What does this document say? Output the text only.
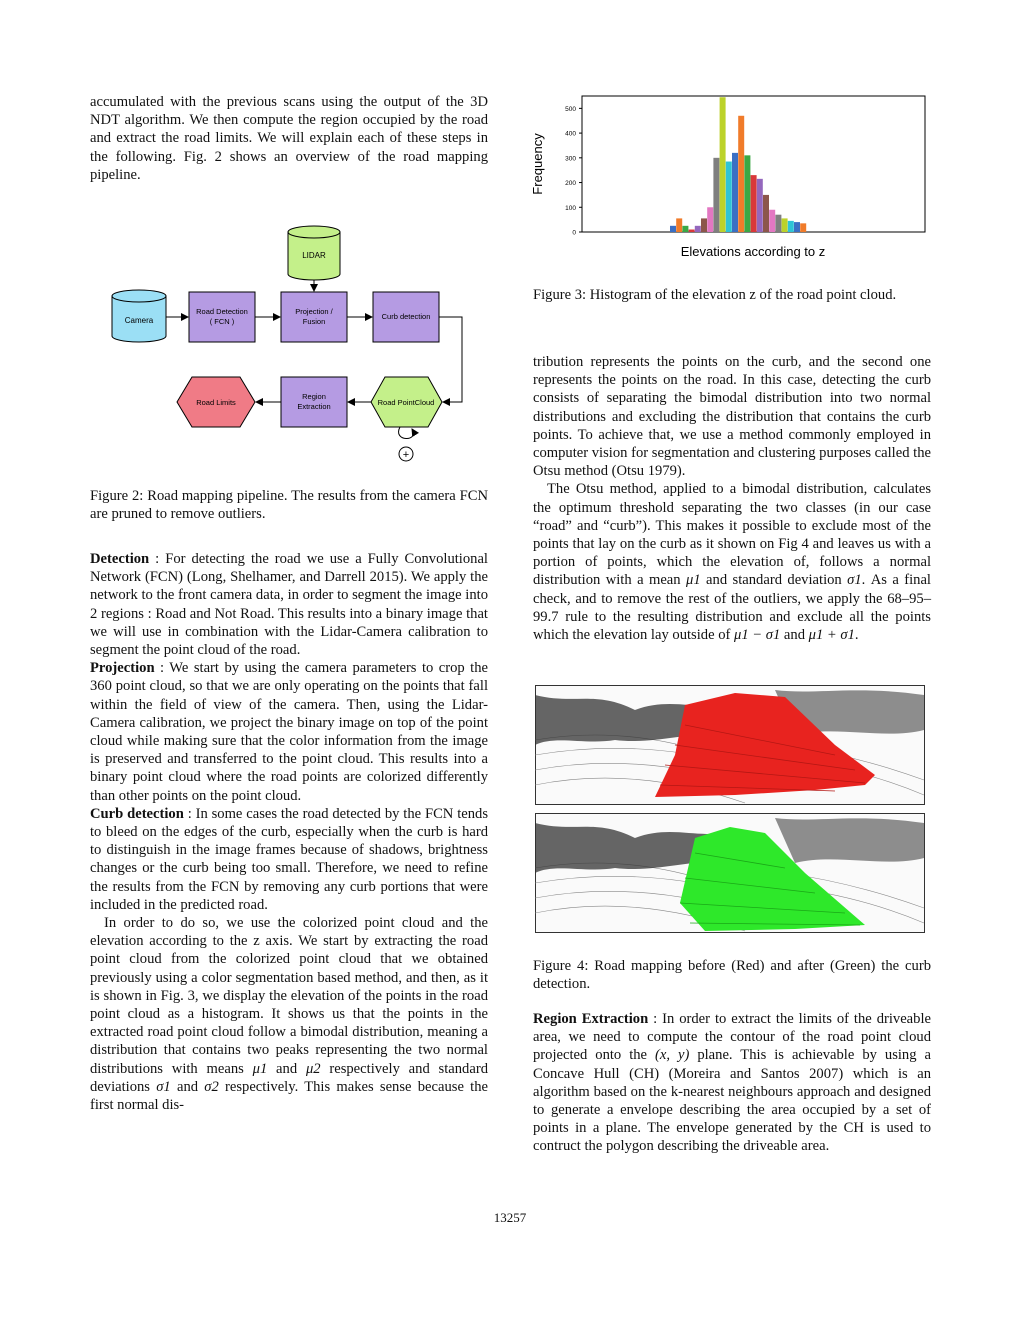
accumulated with the previous scans using the output of the 3D NDT algorithm. We then compute the region occupied by the road and extract the road limits. We will explain each of these steps in the following. Fig. 2 shows an overview of the road mapping pipeline.

LIDAR
Camera
Road Detection
( FCN )
Projection /
Fusion
Curb detection
Road Limits
Region
Extraction	Road PointCloud
+
Figure 2: Road mapping pipeline. The results from the camera FCN are pruned to remove outliers.

Detection : For detecting the road we use a Fully Convolutional Network (FCN) (Long, Shelhamer, and Darrell 2015). We apply the network to the front camera data, in order to segment the image into 2 regions : Road and Not Road. This results into a binary image that we will use in combination with the Lidar-Camera calibration to segment the point cloud of the road.

Projection : We start by using the camera parameters to crop the 360 point cloud, so that we are only operating on the points that fall within the field of view of the camera. Then, using the Lidar-Camera calibration, we project the binary image on top of the point cloud while making sure that the color information from the image is preserved and transferred to the point cloud. This results into a binary point cloud where the road points are colorized differently than other points on the point cloud.

Curb detection : In some cases the road detected by the FCN tends to bleed on the edges of the curb, especially when the curb is hard to distinguish in the image frames because of shadows, brightness changes or the curb being too small. Therefore, we need to refine the results from the FCN by removing any curb portions that were included in the predicted road.

In order to do so, we use the colorized point cloud and the elevation according to the z axis. We start by extracting the road point cloud from the colorized point cloud that we obtained previously using a color segmentation based method, and then, as it is shown in Fig. 3, we display the elevation of the points in the road point cloud as a histogram. It shows us that the points in the extracted road point cloud follow a bimodal distribution, meaning a distribution that contains two peaks representing the two normal distributions with means μ1 and μ2 respectively and standard deviations σ1 and σ2 respectively. This makes sense because the first normal dis-

0
100
200
300
400
500
Frequency
Elevations according to z
Figure 3: Histogram of the elevation z of the road point cloud.

tribution represents the points on the curb, and the second one represents the points on the road. In this case, detecting the curb consists of separating the bimodal distribution into two normal distributions and excluding the distribution that contains the curb points. To achieve that, we use a method commonly employed in computer vision for segmentation and clustering purposes called the Otsu method (Otsu 1979).

The Otsu method, applied to a bimodal distribution, calculates the optimum threshold separating the two classes (in our case “road” and “curb”). This makes it possible to exclude most of the points that lay on the curb as it shown on Fig 4 and leaves us with a portion of points, which the elevation of, follows a normal distribution with a mean μ1 and standard deviation σ1. As a final check, and to remove the rest of the outliers, we apply the 68–95–99.7 rule to the resulting distribution and exclude all the points which the elevation lay outside of μ1 − σ1 and μ1 + σ1.

Figure 4: Road mapping before (Red) and after (Green) the curb detection.

Region Extraction : In order to extract the limits of the driveable area, we need to compute the contour of the road point cloud projected onto the (x, y) plane. This is achievable by using a Concave Hull (CH) (Moreira and Santos 2007) which is an algorithm based on the k-nearest neighbours approach and designed to generate a envelope describing the area occupied by a set of points in a plane. The envelope generated by the CH is used to contruct the polygon describing the driveable area.

13257
